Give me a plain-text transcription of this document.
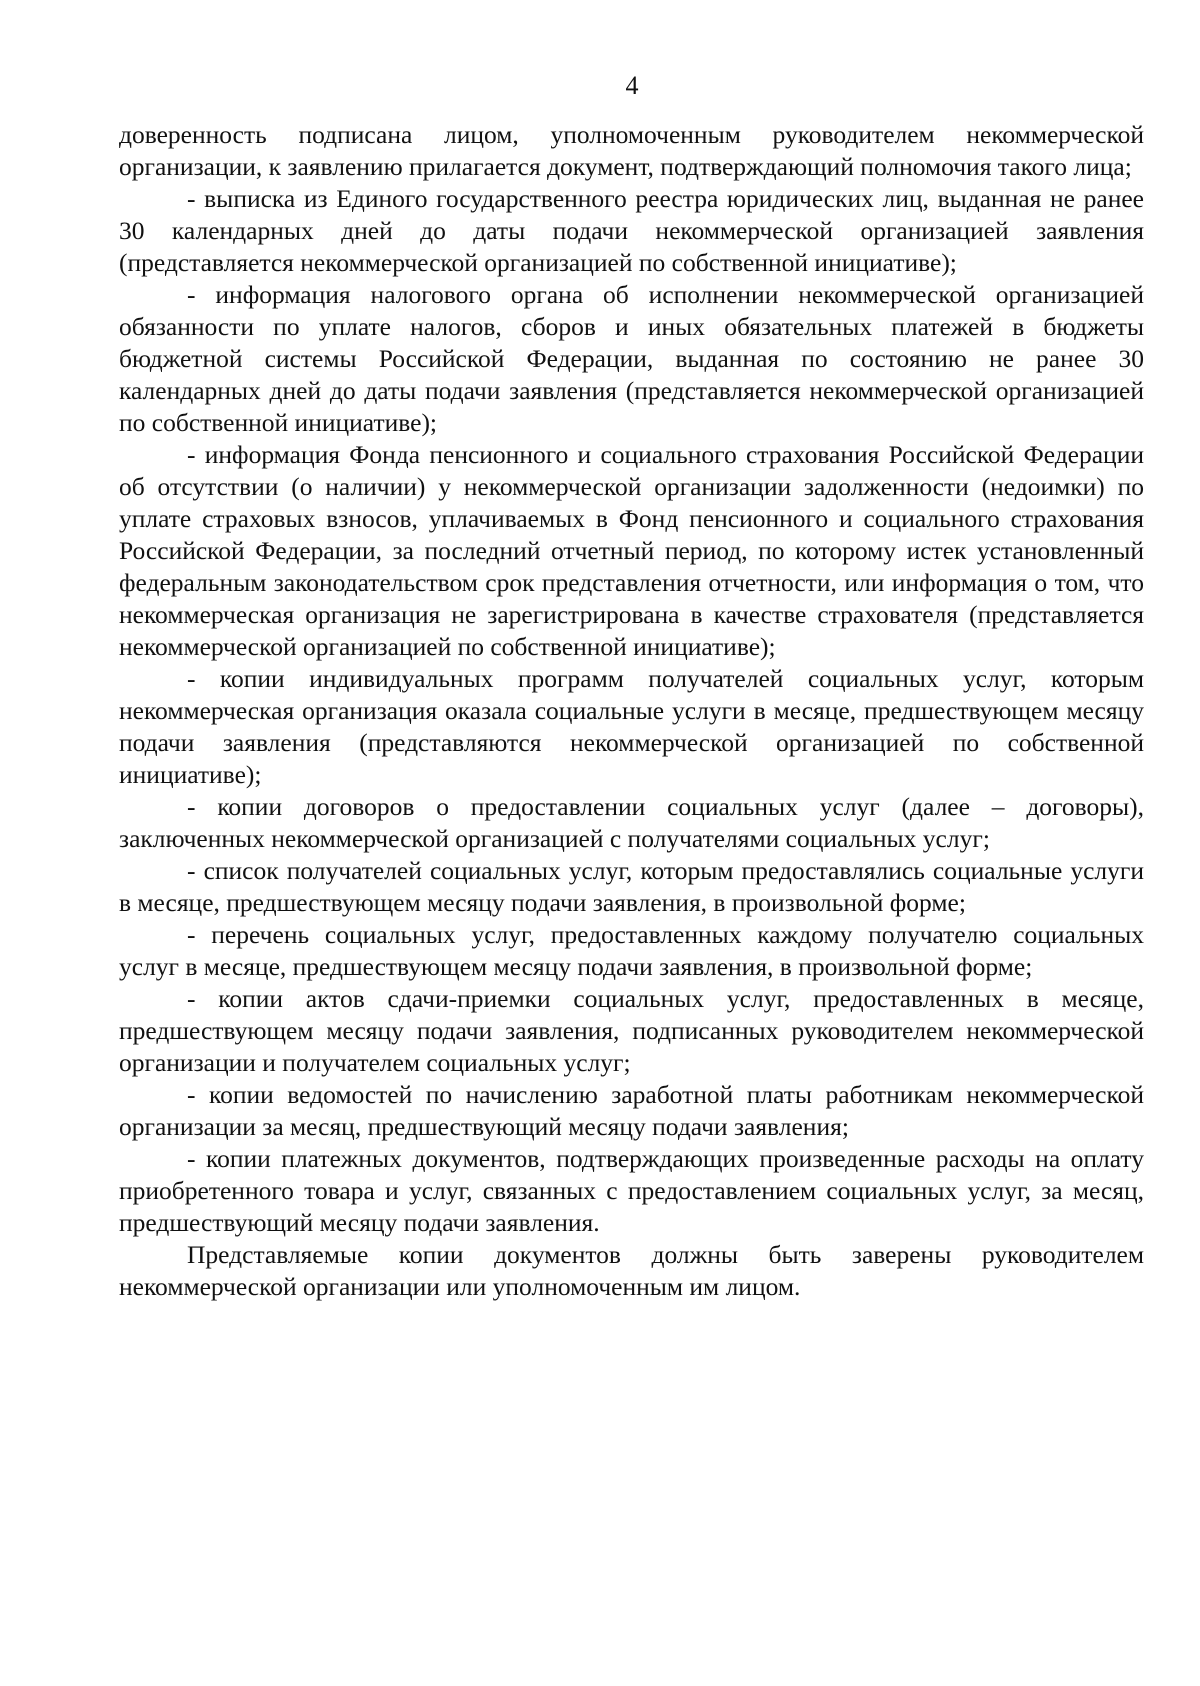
4

доверенность подписана лицом, уполномоченным руководителем некоммерческой организации, к заявлению прилагается документ, подтверждающий полномочия такого лица;

- выписка из Единого государственного реестра юридических лиц, выданная не ранее 30 календарных дней до даты подачи некоммерческой организацией заявления (представляется некоммерческой организацией по собственной инициативе);

- информация налогового органа об исполнении некоммерческой организацией обязанности по уплате налогов, сборов и иных обязательных платежей в бюджеты бюджетной системы Российской Федерации, выданная по состоянию не ранее 30 календарных дней до даты подачи заявления (представляется некоммерческой организацией по собственной инициативе);

- информация Фонда пенсионного и социального страхования Российской Федерации об отсутствии (о наличии) у некоммерческой организации задолженности (недоимки) по уплате страховых взносов, уплачиваемых в Фонд пенсионного и социального страхования Российской Федерации, за последний отчетный период, по которому истек установленный федеральным законодательством срок представления отчетности, или информация о том, что некоммерческая организация не зарегистрирована в качестве страхователя (представляется некоммерческой организацией по собственной инициативе);

- копии индивидуальных программ получателей социальных услуг, которым некоммерческая организация оказала социальные услуги в месяце, предшествующем месяцу подачи заявления (представляются некоммерческой организацией по собственной инициативе);

- копии договоров о предоставлении социальных услуг (далее – договоры), заключенных некоммерческой организацией с получателями социальных услуг;

- список получателей социальных услуг, которым предоставлялись социальные услуги в месяце, предшествующем месяцу подачи заявления, в произвольной форме;

- перечень социальных услуг, предоставленных каждому получателю социальных услуг в месяце, предшествующем месяцу подачи заявления, в произвольной форме;

- копии актов сдачи-приемки социальных услуг, предоставленных в месяце, предшествующем месяцу подачи заявления, подписанных руководителем некоммерческой организации и получателем социальных услуг;

- копии ведомостей по начислению заработной платы работникам некоммерческой организации за месяц, предшествующий месяцу подачи заявления;

- копии платежных документов, подтверждающих произведенные расходы на оплату приобретенного товара и услуг, связанных с предоставлением социальных услуг, за месяц, предшествующий месяцу подачи заявления.

Представляемые копии документов должны быть заверены руководителем некоммерческой организации или уполномоченным им лицом.
